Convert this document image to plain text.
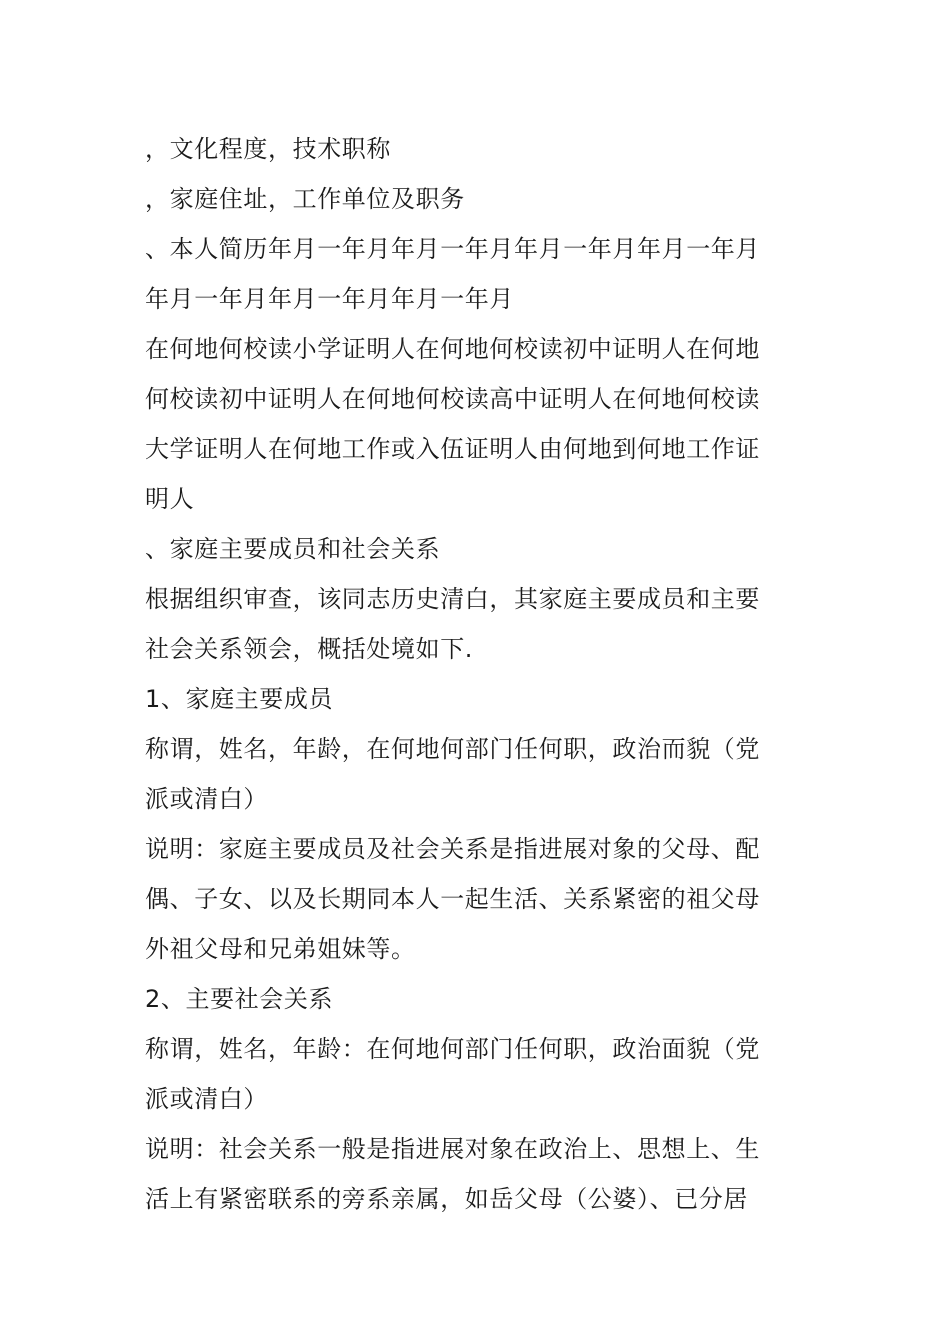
，文化程度，技术职称
，家庭住址，工作单位及职务
、本人简历年月一年月年月一年月年月一年月年月一年月
年月一年月年月一年月年月一年月
在何地何校读小学证明人在何地何校读初中证明人在何地
何校读初中证明人在何地何校读高中证明人在何地何校读
大学证明人在何地工作或入伍证明人由何地到何地工作证
明人
、家庭主要成员和社会关系
根据组织审查，该同志历史清白，其家庭主要成员和主要
社会关系领会，概括处境如下.
1、家庭主要成员
称谓，姓名，年龄，在何地何部门任何职，政治而貌（党
派或清白）
说明：家庭主要成员及社会关系是指进展对象的父母、配
偶、子女、以及长期同本人一起生活、关系紧密的祖父母
外祖父母和兄弟姐妹等。
2、主要社会关系
称谓，姓名，年龄：在何地何部门任何职，政治面貌（党
派或清白）
说明：社会关系一般是指进展对象在政治上、思想上、生
活上有紧密联系的旁系亲属，如岳父母（公婆）、已分居
